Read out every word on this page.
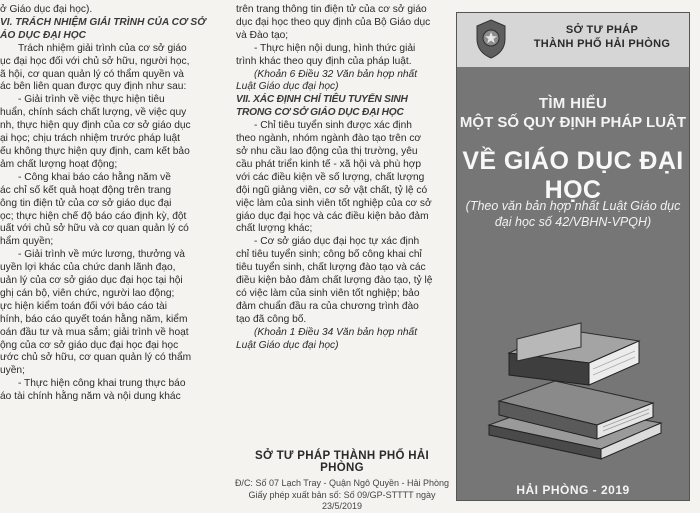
ở Giáo dục đại học).

VI. TRÁCH NHIỆM GIẢI TRÌNH CỦA CƠ SỞ

ÁO DỤC ĐẠI HỌC

Trách nhiệm giải trình của cơ sở giáo

ục đại học đối với chủ sở hữu, người học,

ã hội, cơ quan quản lý có thẩm quyền và

ác bên liên quan được quy định như sau:

- Giải trình về việc thực hiện tiêu

huẩn, chính sách chất lượng, về việc quy

nh, thực hiện quy định của cơ sở giáo dục

ại học; chịu trách nhiệm trước pháp luật

ếu không thực hiện quy định, cam kết bảo

ảm chất lượng hoạt động;

- Công khai báo cáo hằng năm về

ác chỉ số kết quả hoạt động trên trang

ông tin điện tử của cơ sở giáo dục đại

ọc; thực hiện chế độ báo cáo định kỳ, đột

uất với chủ sở hữu và cơ quan quản lý có

hẩm quyền;

- Giải trình về mức lương, thưởng và

uyền lợi khác của chức danh lãnh đạo,

uản lý của cơ sở giáo dục đại học tại hội

ghị cán bộ, viên chức, người lao động;

ực hiện kiểm toán đối với báo cáo tài

hính, báo cáo quyết toán hằng năm, kiểm

oán đầu tư và mua sắm; giải trình về hoạt

ộng của cơ sở giáo dục đại học đại học

ước chủ sở hữu, cơ quan quản lý có thẩm

uyền;

- Thực hiện công khai trung thực báo

áo tài chính hằng năm và nội dung khác

trên trang thông tin điện tử của cơ sở giáo

dục đại học theo quy định của Bộ Giáo dục

và Đào tạo;

- Thực hiện nội dung, hình thức giải

trình khác theo quy định của pháp luật.

(Khoản 6 Điều 32 Văn bản hợp nhất

Luật Giáo dục đại học)

VII. XÁC ĐỊNH CHỈ TIÊU TUYỂN SINH

TRONG CƠ SỞ GIÁO DỤC ĐẠI HỌC

- Chỉ tiêu tuyển sinh được xác định

theo ngành, nhóm ngành đào tạo trên cơ

sở nhu cầu lao động của thị trường, yêu

cầu phát triển kinh tế - xã hội và phù hợp

với các điều kiện về số lượng, chất lượng

đội ngũ giảng viên, cơ sở vật chất, tỷ lệ có

việc làm của sinh viên tốt nghiệp của cơ sở

giáo dục đại học và các điều kiện bảo đảm

chất lượng khác;

- Cơ sở giáo dục đại học tự xác định

chỉ tiêu tuyển sinh; công bố công khai chỉ

tiêu tuyển sinh, chất lượng đào tạo và các

điều kiện bảo đảm chất lượng đào tạo, tỷ lệ

có việc làm của sinh viên tốt nghiệp; bảo

đảm chuẩn đầu ra của chương trình đào

tạo đã công bố.

(Khoản 1 Điều 34 Văn bản hợp nhất

Luật Giáo dục đại học)

SỞ TƯ PHÁP THÀNH PHỐ HẢI PHÒNG
Đ/C: Số 07 Lạch Tray - Quận Ngô Quyền - Hải Phòng
Giấy phép xuất bản số: Số 09/GP-STTTT ngày 23/5/2019
SỞ TƯ PHÁP
THÀNH PHỐ HẢI PHÒNG
TÌM HIỂU
MỘT SỐ QUY ĐỊNH PHÁP LUẬT
VỀ GIÁO DỤC ĐẠI HỌC
(Theo văn bản hợp nhất Luật Giáo dục
đại học số 42/VBHN-VPQH)
HẢI PHÒNG - 2019
